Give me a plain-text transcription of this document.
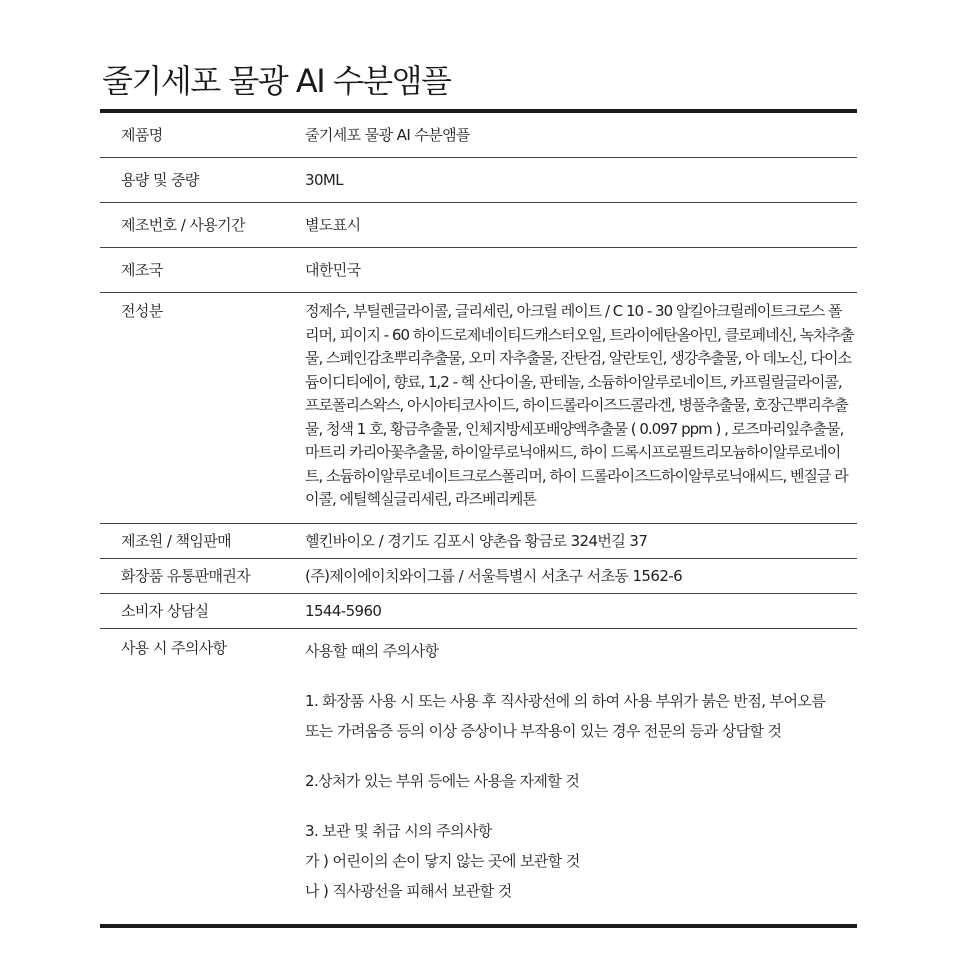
줄기세포 물광 AI 수분앰플
제품명	줄기세포 물광 AI 수분앰플
용량 및 중량	30ML
제조번호 / 사용기간	별도표시
제조국	대한민국
전성분	정제수, 부틸렌글라이콜, 글리세린, 아크릴 레이트 / C 10 - 30 알킬아크릴레이트크로스 폴리머, 피이지 - 60 하이드로제네이티드캐스터오일, 트라이에탄올아민, 클로페네신, 녹차추출물, 스페인감초뿌리추출물, 오미 자추출물, 잔탄검, 알란토인, 생강추출물, 아 데노신, 다이소듐이디티에이, 향료, 1,2 - 헥 산다이올, 판테놀, 소듐하이알루로네이트, 카프릴릴글라이콜, 프로폴리스왁스, 아시아티코사이드, 하이드롤라이즈드콜라겐, 병풀추출물, 호장근뿌리추출물, 청색 1 호, 황금추출물, 인체지방세포배양액추출물 ( 0.097 ppm ) , 로즈마리잎추출물, 마트리 카리아꽃추출물, 하이알루로닉애씨드, 하이 드록시프로필트리모늄하이알루로네이트, 소듐하이알루로네이트크로스폴리머, 하이 드롤라이즈드하이알루로닉애씨드, 벤질글 라이콜, 에틸헥실글리세린, 라즈베리케톤
제조원 / 책임판매	헬킨바이오 / 경기도 김포시 양촌읍 황금로 324번길 37
화장품 유통판매권자	(주)제이에이치와이그룹 / 서울특별시 서초구 서초동 1562-6
소비자 상담실	1544-5960
사용 시 주의사항	사용할 때의 주의사항

1. 화장품 사용 시 또는 사용 후 직사광선에 의 하여 사용 부위가 붉은 반점, 부어오름

또는 가려움증 등의 이상 증상이나 부작용이 있는 경우 전문의 등과 상담할 것

2.상처가 있는 부위 등에는 사용을 자제할 것

3. 보관 및 취급 시의 주의사항

가 ) 어린이의 손이 닿지 않는 곳에 보관할 것

나 ) 직사광선을 피해서 보관할 것
